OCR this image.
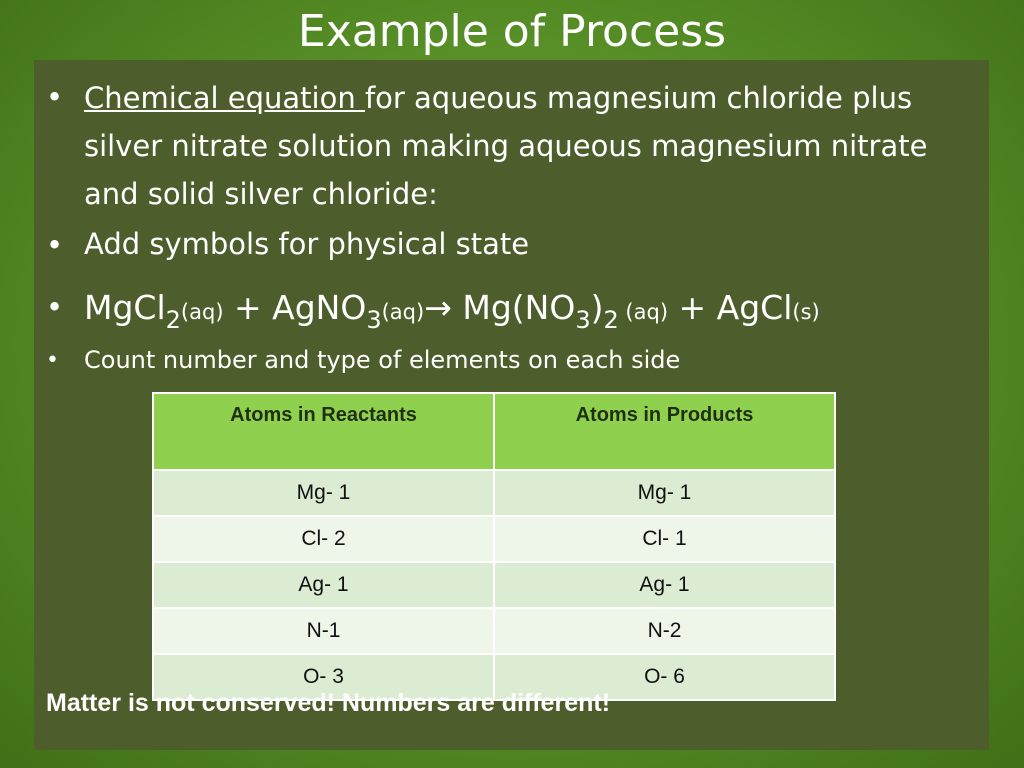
Example of Process
• Chemical equation for aqueous magnesium chloride plus silver nitrate solution making aqueous magnesium nitrate and solid silver chloride:
• Add symbols for physical state
• MgCl$_2$(aq) + AgNO$_3$(aq)→ $Mg(NO_3)_2$ (aq) + AgCl(s)
• Count number and type of elements on each side
Atoms in Reactants	Atoms in Products
Mg- 1	Mg- 1
Cl- 2	Cl- 1
Ag- 1	Ag- 1
N-1	N-2
O- 3	O- 6
Matter is not conserved! Numbers are different!
